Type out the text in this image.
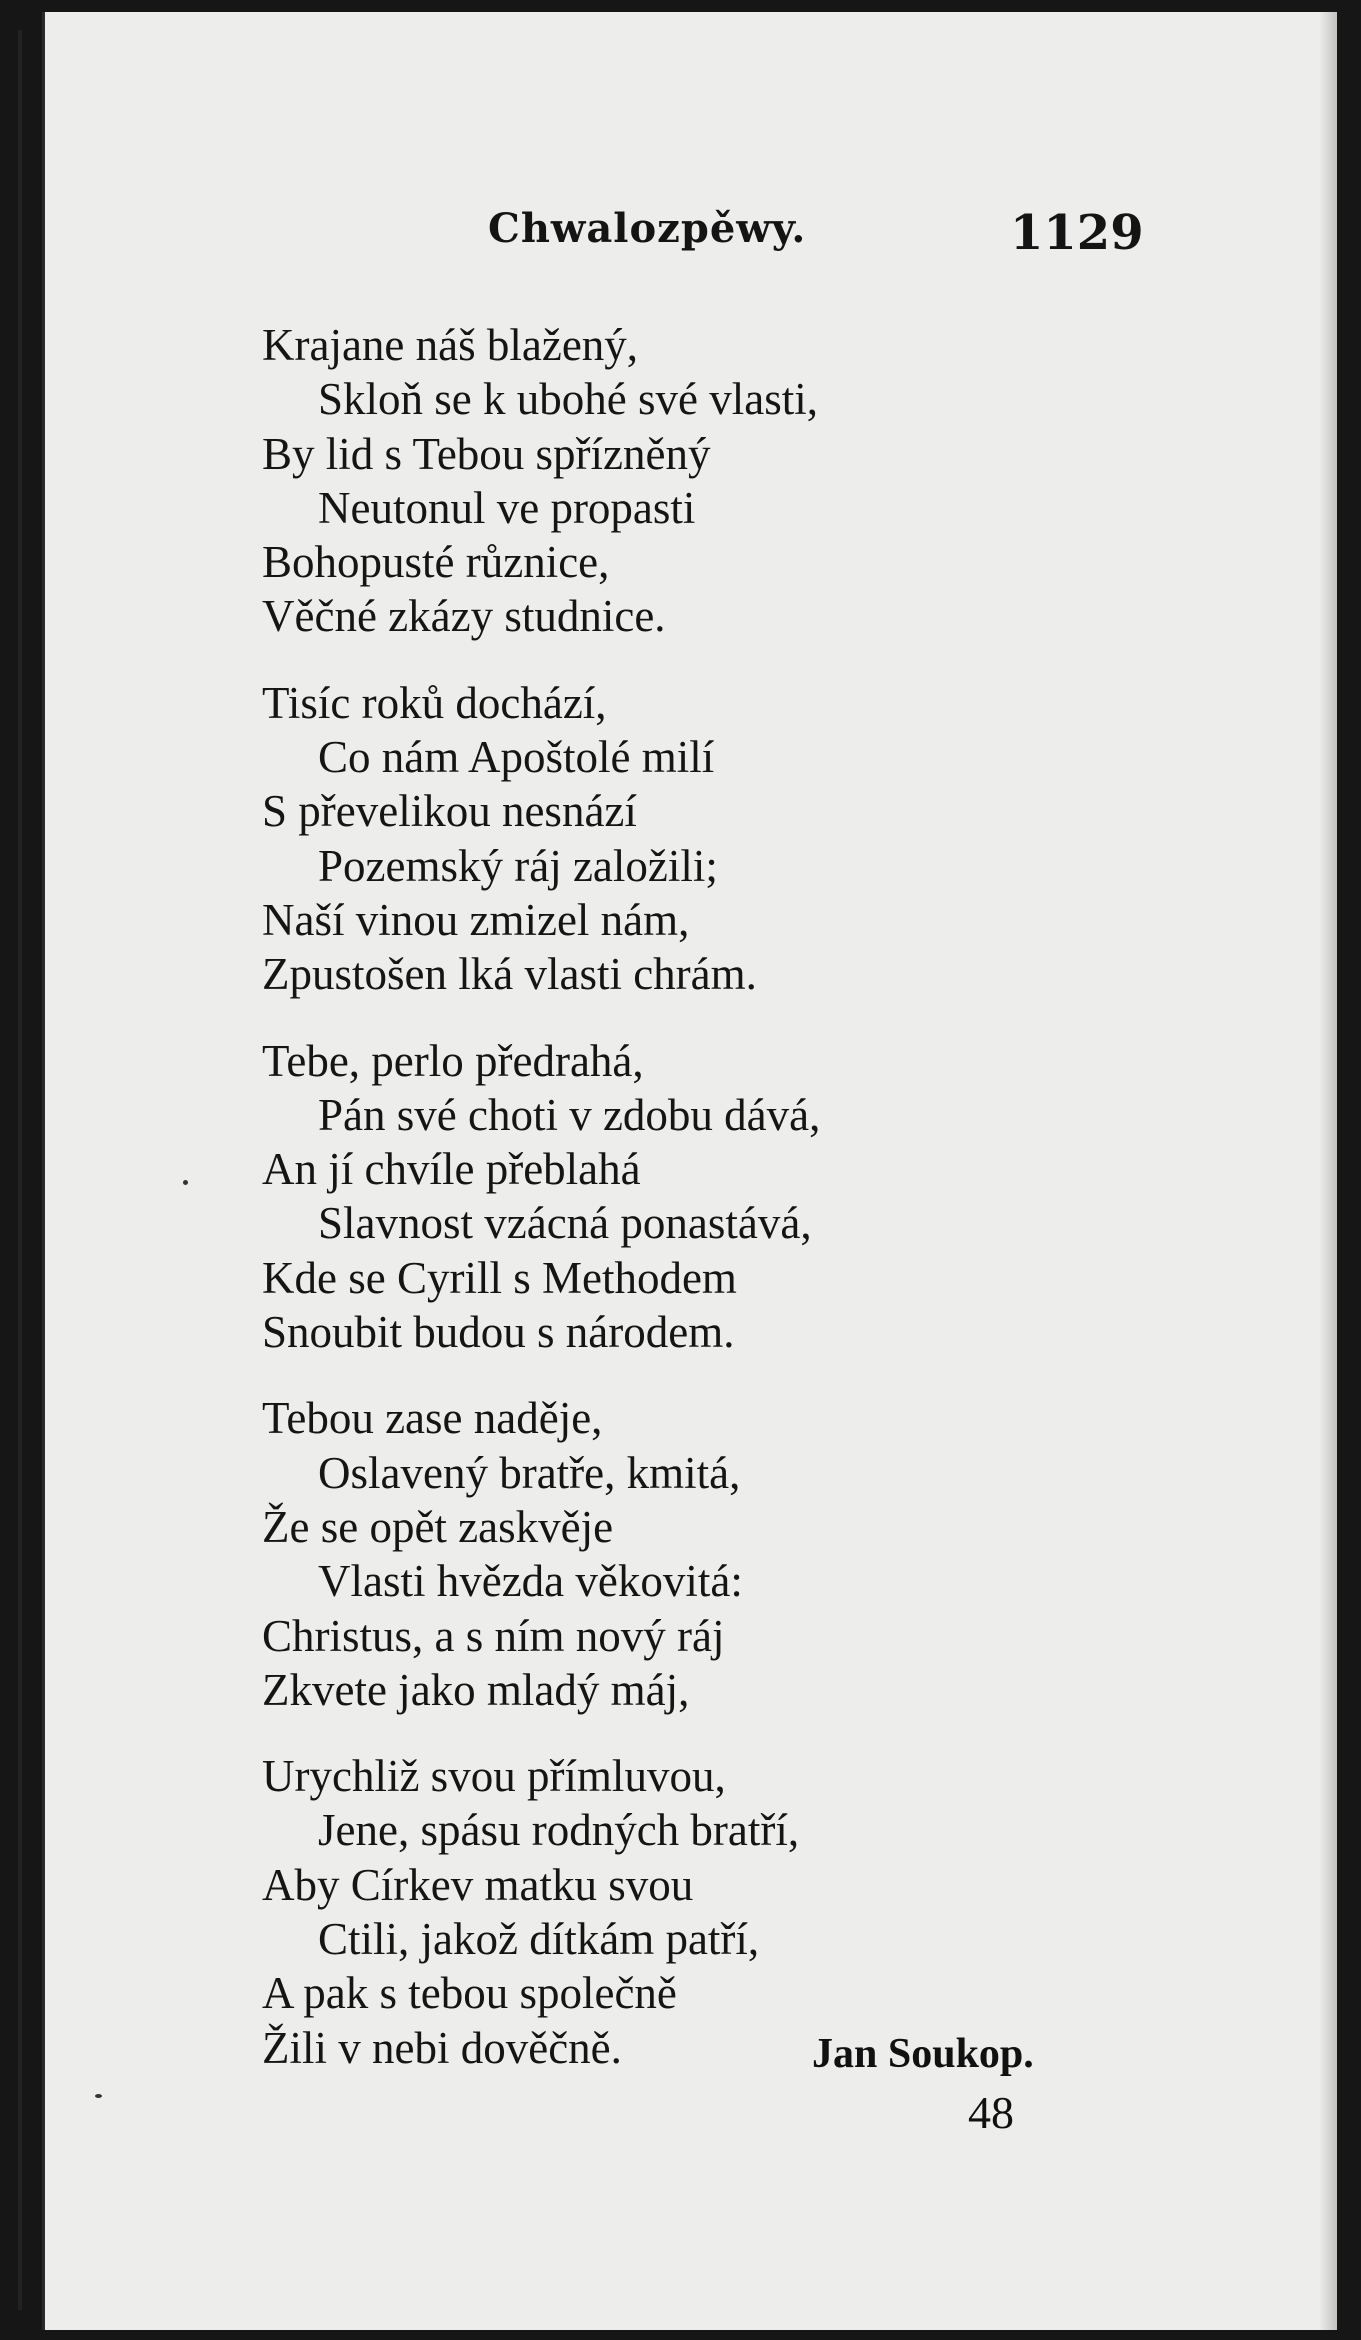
Chwalozpěwy.	1129
Krajane náš blažený,
Skloň se k ubohé své vlasti,
By lid s Tebou spřízněný
Neutonul ve propasti
Bohopusté různice,
Věčné zkázy studnice.
Tisíc roků dochází,
Co nám Apoštolé milí
S převelikou nesnází
Pozemský ráj založili;
Naší vinou zmizel nám,
Zpustošen lká vlasti chrám.
Tebe, perlo předrahá,
Pán své choti v zdobu dává,
An jí chvíle přeblahá
Slavnost vzácná ponastává,
Kde se Cyrill s Methodem
Snoubit budou s národem.
Tebou zase naděje,
Oslavený bratře, kmitá,
Že se opět zaskvěje
Vlasti hvězda věkovitá:
Christus, a s ním nový ráj
Zkvete jako mladý máj,
Urychliž svou přímluvou,
Jene, spásu rodných bratří,
Aby Církev matku svou
Ctili, jakož dítkám patří,
A pak s tebou společně
Žili v nebi dověčně.	Jan Soukop.
48
